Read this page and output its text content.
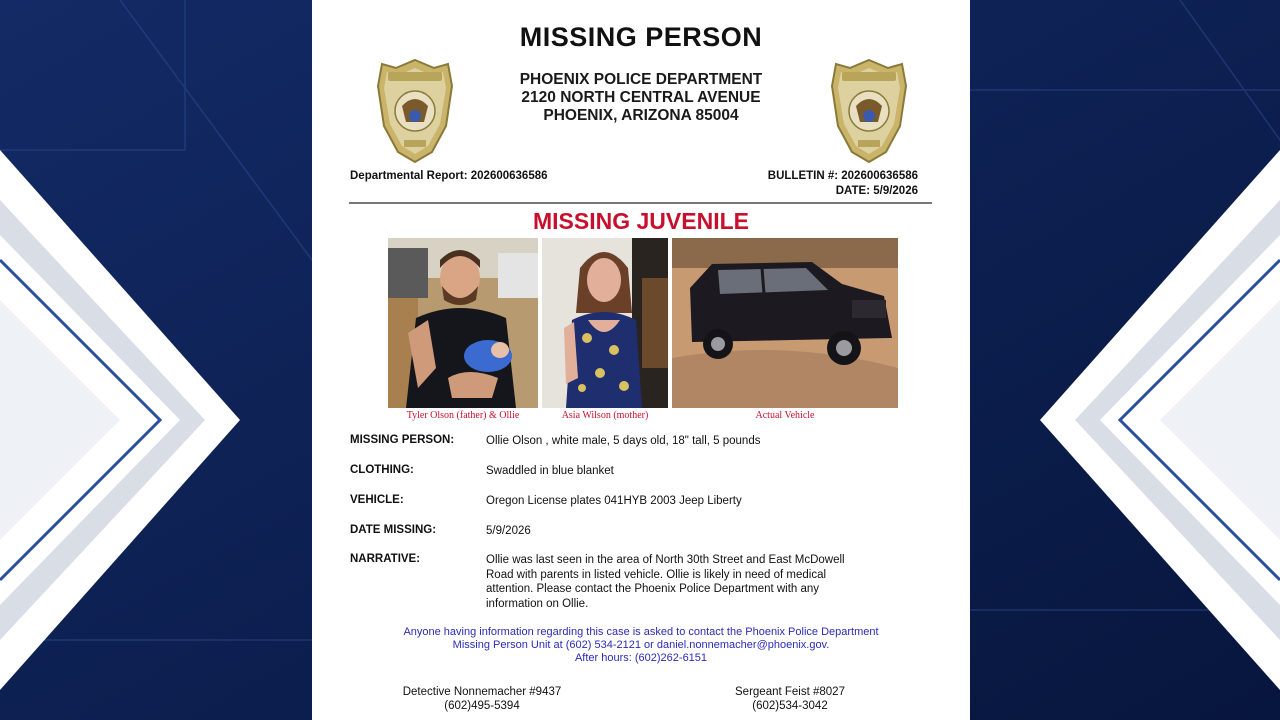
MISSING PERSON
PHOENIX POLICE DEPARTMENT
2120 NORTH CENTRAL AVENUE
PHOENIX, ARIZONA 85004
Departmental Report: 202600636586	BULLETIN #: 202600636586
DATE: 5/9/2026
MISSING JUVENILE
Tyler Olson (father) & Ollie	Asia Wilson (mother)	Actual Vehicle
MISSING PERSON:	Ollie Olson , white male, 5 days old, 18" tall, 5 pounds
CLOTHING:	Swaddled in blue blanket
VEHICLE:	Oregon License plates 041HYB 2003 Jeep Liberty
DATE MISSING:	5/9/2026
NARRATIVE:	Ollie was last seen in the area of North 30th Street and East McDowell
Road with parents in listed vehicle. Ollie is likely in need of medical
attention. Please contact the Phoenix Police Department with any
information on Ollie.
Anyone having information regarding this case is asked to contact the Phoenix Police Department
Missing Person Unit at (602) 534-2121 or daniel.nonnemacher@phoenix.gov.
After hours: (602)262-6151
Detective Nonnemacher #9437
(602)495-5394
Sergeant Feist #8027
(602)534-3042
